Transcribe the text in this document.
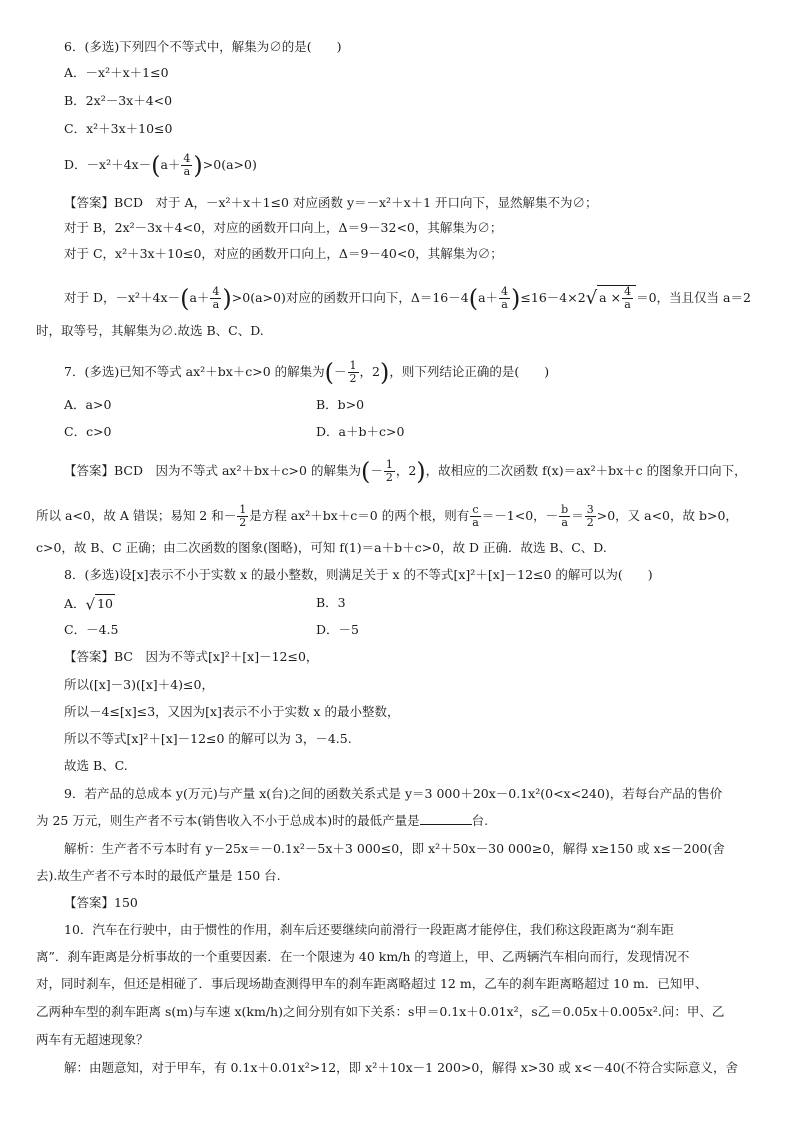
6．(多选)下列四个不等式中，解集为∅的是(　　)
A．－x²＋x＋1≤0
B．2x²－3x＋4<0
C．x²＋3x＋10≤0
D．$-x^2+4x-(a+ \frac{4}{a} )>0(a>0)$
【答案】BCD　对于 A，－x²＋x＋1≤0 对应函数 y＝－x²＋x＋1 开口向下，显然解集不为∅；
对于 B，2x²－3x＋4<0，对应的函数开口向上，Δ＝9－32<0，其解集为∅；
对于 C，x²＋3x＋10≤0，对应的函数开口向上，Δ＝9－40<0，其解集为∅；
对于 D，$-x^2+4x-(a+ \frac{4}{a} )>0(a>0)$对应的函数开口向下，$\Delta=16-4(a+ \frac{4}{a} )\le 16-4\times 2√$ $a \times \frac{4}{a} =0$，当且仅当 a＝2
时，取等号，其解集为∅.故选 B、C、D.
7．(多选)已知不等式 ax²＋bx＋c>0 的解集为(－ $\frac{1}{2}$ ，2)，则下列结论正确的是(　　)
A．a>0	B．b>0
C．c>0	D．a＋b＋c>0
【答案】BCD　因为不等式 ax²＋bx＋c>0 的解集为(－ $\frac{1}{2}$ ，2)，故相应的二次函数 f(x)＝ax²＋bx＋c 的图象开口向下，
所以 a<0，故 A 错误；易知 2 和－ $\frac{1}{2}$ 是方程 ax²＋bx＋c＝0 的两个根，则有 $\frac{c}{a} =-1<0$，－ $\frac{b}{a} = \frac{3}{2} >0$，又 a<0，故 b>0，
c>0，故 B、C 正确；由二次函数的图象(图略)，可知 f(1)＝a＋b＋c>0，故 D 正确．故选 B、C、D.
8．(多选)设[x]表示不小于实数 x 的最小整数，则满足关于 x 的不等式[x]²＋[x]－12≤0 的解可以为(　　)
A．√ 10	B．3
C．－4.5	D．－5
【答案】BC　因为不等式[x]²＋[x]－12≤0，
所以([x]－3)([x]＋4)≤0，
所以－4≤[x]≤3，又因为[x]表示不小于实数 x 的最小整数，
所以不等式[x]²＋[x]－12≤0 的解可以为 3，－4.5.
故选 B、C.
9．若产品的总成本 y(万元)与产量 x(台)之间的函数关系式是 y＝3 000＋20x－0.1x²(0<x<240)，若每台产品的售价
为 25 万元，则生产者不亏本(销售收入不小于总成本)时的最低产量是	台.
解析：生产者不亏本时有 y－25x＝－0.1x²－5x＋3 000≤0，即 x²＋50x－30 000≥0，解得 x≥150 或 x≤－200(舍
去).故生产者不亏本时的最低产量是 150 台.
【答案】150
10．汽车在行驶中，由于惯性的作用，刹车后还要继续向前滑行一段距离才能停住，我们称这段距离为“刹车距
离”．刹车距离是分析事故的一个重要因素．在一个限速为 40 km/h 的弯道上，甲、乙两辆汽车相向而行，发现情况不
对，同时刹车，但还是相碰了．事后现场勘查测得甲车的刹车距离略超过 12 m，乙车的刹车距离略超过 10 m．已知甲、
乙两种车型的刹车距离 s(m)与车速 x(km/h)之间分别有如下关系：s甲＝0.1x＋0.01x²，s乙＝0.05x＋0.005x².问：甲、乙
两车有无超速现象？
解：由题意知，对于甲车，有 0.1x＋0.01x²>12，即 x²＋10x－1 200>0，解得 x>30 或 x<－40(不符合实际意义，舍
